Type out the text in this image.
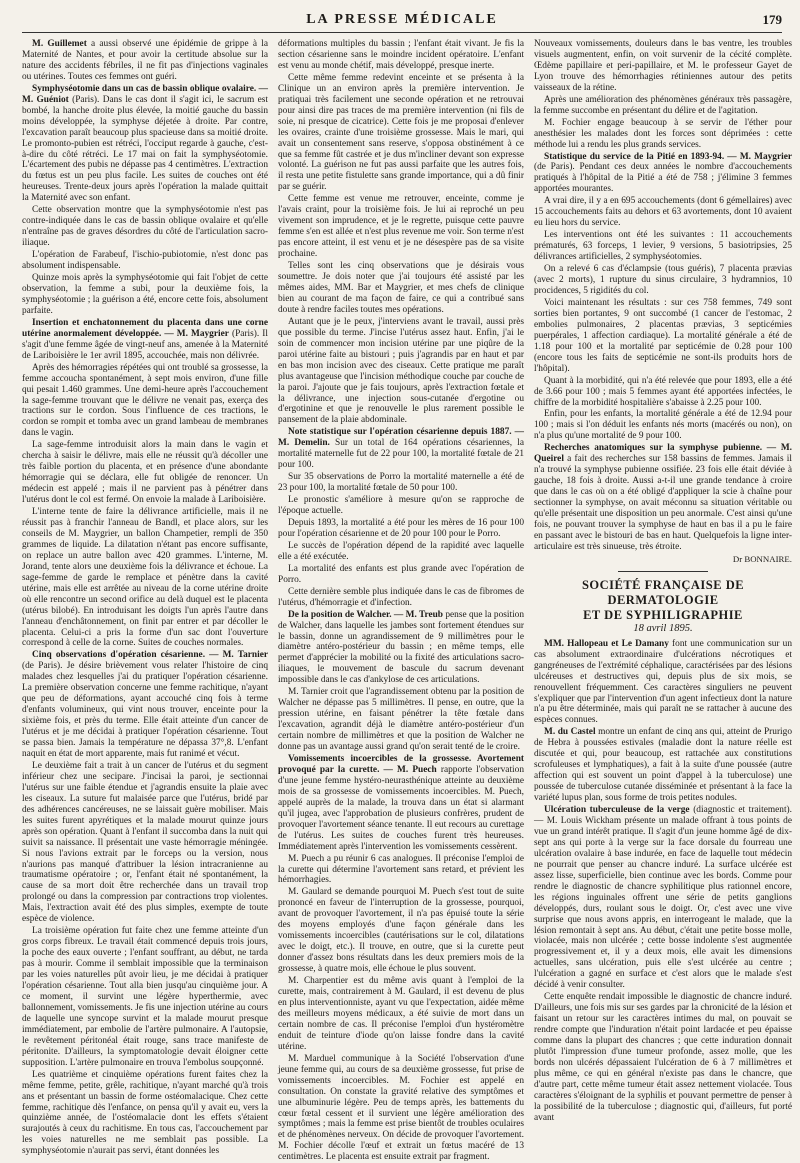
LA PRESSE MÉDICALE	179

M. Guillemet a aussi observé une épidémie de grippe à la Maternité de Nantes, et pour avoir la certitude absolue sur la nature des accidents fébriles, il ne fit pas d'injections vaginales ou utérines. Toutes ces femmes ont guéri.

Symphyséotomie dans un cas de bassin oblique ovalaire. — M. Guéniot (Paris). Dans le cas dont il s'agit ici, le sacrum est bombé, la hanche droite plus élevée, la moitié gauche du bassin moins développée, la symphyse déjetée à droite. Par contre, l'excavation paraît beaucoup plus spacieuse dans sa moitié droite. Le promonto-pubien est rétréci, l'occiput regarde à gauche, c'est-à-dire du côté rétréci. Le 17 mai on fait la symphyséotomie. L'écartement des pubis ne dépasse pas 4 centimètres. L'extraction du fœtus est un peu plus facile. Les suites de couches ont été heureuses. Trente-deux jours après l'opération la malade quittait la Maternité avec son enfant.

Cette observation montre que la symphyséotomie n'est pas contre-indiquée dans le cas de bassin oblique ovalaire et qu'elle n'entraîne pas de graves désordres du côté de l'articulation sacro-iliaque.

L'opération de Farabeuf, l'ischio-pubiotomie, n'est donc pas absolument indispensable.

Quinze mois après la symphyséotomie qui fait l'objet de cette observation, la femme a subi, pour la deuxième fois, la symphyséotomie ; la guérison a été, encore cette fois, absolument parfaite.

Insertion et enchatonnement du placenta dans une corne utérine anormalement développée. — M. Maygrier (Paris). Il s'agit d'une femme âgée de vingt-neuf ans, amenée à la Maternité de Lariboisière le 1er avril 1895, accouchée, mais non délivrée.

Après des hémorragies répétées qui ont troublé sa grossesse, la femme accoucha spontanément, à sept mois environ, d'une fille qui pesait 1.460 grammes. Une demi-heure après l'accouchement la sage-femme trouvant que le délivre ne venait pas, exerça des tractions sur le cordon. Sous l'influence de ces tractions, le cordon se rompit et tomba avec un grand lambeau de membranes dans le vagin.

La sage-femme introduisit alors la main dans le vagin et chercha à saisir le délivre, mais elle ne réussit qu'à décoller une très faible portion du placenta, et en présence d'une abondante hémorragie qui se déclara, elle fut obligée de renoncer. Un médecin est appelé ; mais il ne parvient pas à pénétrer dans l'utérus dont le col est fermé. On envoie la malade à Lariboisière.

L'interne tente de faire la délivrance artificielle, mais il ne réussit pas à franchir l'anneau de Bandl, et place alors, sur les conseils de M. Maygrier, un ballon Champetier, rempli de 350 grammes de liquide. La dilatation n'étant pas encore suffisante, on replace un autre ballon avec 420 grammes. L'interne, M. Jorand, tente alors une deuxième fois la délivrance et échoue. La sage-femme de garde le remplace et pénètre dans la cavité utérine, mais elle est arrêtée au niveau de la corne utérine droite où elle rencontre un second orifice au delà duquel est le placenta (utérus bilobé). En introduisant les doigts l'un après l'autre dans l'anneau d'enchâtonnement, on finit par entrer et par décoller le placenta. Celui-ci a pris la forme d'un sac dont l'ouverture correspond à celle de la corne. Suites de couches normales.

Cinq observations d'opération césarienne. — M. Tarnier (de Paris). Je désire brièvement vous relater l'histoire de cinq malades chez lesquelles j'ai du pratiquer l'opération césarienne. La première observation concerne une femme rachitique, n'ayant que peu de déformations, ayant accouché cinq fois à terme d'enfants volumineux, qui vint nous trouver, enceinte pour la sixième fois, et près du terme. Elle était atteinte d'un cancer de l'utérus et je me décidai à pratiquer l'opération césarienne. Tout se passa bien. Jamais la température ne dépassa 37°,8. L'enfant naquit en état de mort apparente, mais fut ranimé et vécut.

Le deuxième fait a trait à un cancer de l'utérus et du segment inférieur chez une secipare. J'incisai la paroi, je sectionnai l'utérus sur une faible étendue et j'agrandis ensuite la plaie avec les ciseaux. La suture fut malaisée parce que l'utérus, bridé par des adhérences cancéreuses, ne se laissait guère mobiliser. Mais les suites furent apyrétiques et la malade mourut quinze jours après son opération. Quant à l'enfant il succomba dans la nuit qui suivit sa naissance. Il présentait une vaste hémorragie méningée. Si nous l'avions extrait par le forceps ou la version, nous n'aurions pas manqué d'attribuer la lésion intracranienne au traumatisme opératoire ; or, l'enfant était né spontanément, la cause de sa mort doit être recherchée dans un travail trop prolongé ou dans la compression par contractions trop violentes. Mais, l'extraction avait été des plus simples, exempte de toute espèce de violence.

La troisième opération fut faite chez une femme atteinte d'un gros corps fibreux. Le travail était commencé depuis trois jours, la poche des eaux ouverte ; l'enfant souffrant, au début, ne tarda pas à mourir. Comme il semblait impossible que la terminaison par les voies naturelles pût avoir lieu, je me décidai à pratiquer l'opération césarienne. Tout alla bien jusqu'au cinquième jour. A ce moment, il survint une légère hyperthermie, avec ballonnement, vomissements. Je fis une injection utérine au cours de laquelle une syncope survint et la malade mourut presque immédiatement, par embolie de l'artère pulmonaire. A l'autopsie, le revêtement péritonéal était rouge, sans trace manifeste de péritonite. D'ailleurs, la symptomatologie devait éloigner cette supposition. L'artère pulmonaire en trouva l'embolus soupçonné.

Les quatrième et cinquième opérations furent faites chez la même femme, petite, grêle, rachitique, n'ayant marché qu'à trois ans et présentant un bassin de forme ostéomalacique. Chez cette femme, rachitique dès l'enfance, on pensa qu'il y avait eu, vers la quinzième année, de l'ostéomalacie dont les effets s'étaient surajoutés à ceux du rachitisme. En tous cas, l'accouchement par les voies naturelles ne me semblait pas possible. La symphyséotomie n'aurait pas servi, étant données les

déformations multiples du bassin ; l'enfant était vivant. Je fis la section césarienne sans le moindre incident opératoire. L'enfant est venu au monde chétif, mais développé, presque inerte.

Cette même femme redevint enceinte et se présenta à la Clinique un an environ après la première intervention. Je pratiquai très facilement une seconde opération et ne retrouvai pour ainsi dire pas traces de ma première intervention (ni fils de soie, ni presque de cicatrice). Cette fois je me proposai d'enlever les ovaires, crainte d'une troisième grossesse. Mais le mari, qui avait un consentement sans reserve, s'opposa obstinément à ce que sa femme fût castrée et je dus m'incliner devant son expresse volonté. La guérison ne fut pas aussi parfaite que les autres fois, il resta une petite fistulette sans grande importance, qui a dû finir par se guérir.

Cette femme est venue me retrouver, enceinte, comme je l'avais craint, pour la troisième fois. Je lui ai reproché un peu vivement son imprudence, et je le regrette, puisque cette pauvre femme s'en est allée et n'est plus revenue me voir. Son terme n'est pas encore atteint, il est venu et je ne désespère pas de sa visite prochaine.

Telles sont les cinq observations que je désirais vous soumettre. Je dois noter que j'ai toujours été assisté par les mêmes aides, MM. Bar et Maygrier, et mes chefs de clinique bien au courant de ma façon de faire, ce qui a contribué sans doute à rendre faciles toutes mes opérations.

Autant que je le peux, j'interviens avant le travail, aussi près que possible du terme. J'incise l'utérus assez haut. Enfin, j'ai le soin de commencer mon incision utérine par une piqûre de la paroi utérine faite au bistouri ; puis j'agrandis par en haut et par en bas mon incision avec des ciseaux. Cette pratique me paraît plus avantageuse que l'incision méthodique couche par couche de la paroi. J'ajoute que je fais toujours, après l'extraction fœtale et la délivrance, une injection sous-cutanée d'ergotine ou d'ergotinine et que je renouvelle le plus rarement possible le pansement de la plaie abdominale.

Note statistique sur l'opération césarienne depuis 1887. — M. Demelin. Sur un total de 164 opérations césariennes, la mortalité maternelle fut de 22 pour 100, la mortalité fœtale de 21 pour 100.

Sur 35 observations de Porro la mortalité maternelle a été de 23 pour 100, la mortalité fœtale de 50 pour 100.

Le pronostic s'améliore à mesure qu'on se rapproche de l'époque actuelle.

Depuis 1893, la mortalité a été pour les mères de 16 pour 100 pour l'opération césarienne et de 20 pour 100 pour le Porro.

Le succès de l'opération dépend de la rapidité avec laquelle elle a été exécutée.

La mortalité des enfants est plus grande avec l'opération de Porro.

Cette dernière semble plus indiquée dans le cas de fibromes de l'utérus, d'hémorragie et d'infection.

De la position de Walcher. — M. Treub pense que la position de Walcher, dans laquelle les jambes sont fortement étendues sur le bassin, donne un agrandissement de 9 millimètres pour le diamètre antéro-postérieur du bassin ; en même temps, elle permet d'apprécier la mobilité ou la fixité des articulations sacro-iliaques, le mouvement de bascule du sacrum devenant impossible dans le cas d'ankylose de ces articulations.

M. Tarnier croit que l'agrandissement obtenu par la position de Walcher ne dépasse pas 5 millimètres. Il pense, en outre, que la pression utérine, en faisant pénétrer la tête fœtale dans l'excavation, agrandit déjà le diamètre antéro-postérieur d'un certain nombre de millimètres et que la position de Walcher ne donne pas un avantage aussi grand qu'on serait tenté de le croire.

Vomissements incoercibles de la grossesse. Avortement provoqué par la curette. — M. Puech rapporte l'observation d'une jeune femme hystéro-neurasthénique atteinte au deuxième mois de sa grossesse de vomissements incoercibles. M. Puech, appelé auprès de la malade, la trouva dans un état si alarmant qu'il jugea, avec l'approbation de plusieurs confrères, prudent de provoquer l'avortement séance tenante. Il eut recours au curettage de l'utérus. Les suites de couches furent très heureuses. Immédiatement après l'intervention les vomissements cessèrent.

M. Puech a pu réunir 6 cas analogues. Il préconise l'emploi de la curette qui détermine l'avortement sans retard, et prévient les hémorrhagies.

M. Gaulard se demande pourquoi M. Puech s'est tout de suite prononcé en faveur de l'interruption de la grossesse, pourquoi, avant de provoquer l'avortement, il n'a pas épuisé toute la série des moyens employés d'une façon générale dans les vomissements incoercibles (cautérisations sur le col, dilatations avec le doigt, etc.). Il trouve, en outre, que si la curette peut donner d'assez bons résultats dans les deux premiers mois de la grossesse, à quatre mois, elle échoue le plus souvent.

M. Charpentier est du même avis quant à l'emploi de la curette, mais, contrairement à M. Gaulard, il est devenu de plus en plus interventionniste, ayant vu que l'expectation, aidée même des meilleurs moyens médicaux, a été suivie de mort dans un certain nombre de cas. Il préconise l'emploi d'un hystéromètre enduit de teinture d'iode qu'on laisse fondre dans la cavité utérine.

M. Marduel communique à la Société l'observation d'une jeune femme qui, au cours de sa deuxième grossesse, fut prise de vomissements incoercibles. M. Fochier est appelé en consultation. On constate la gravité relative des symptômes et une albuminurie légère. Peu de temps après, les battements du cœur fœtal cessent et il survient une légère amélioration des symptômes ; mais la femme est prise bientôt de troubles oculaires et de phénomènes nerveux. On décide de provoquer l'avortement. M. Fochier décolle l'œuf et extrait un fœtus macéré de 13 centimètres. Le placenta est ensuite extrait par fragment.

Nouveaux vomissements, douleurs dans le bas ventre, les troubles visuels augmentent, enfin, on voit survenir de la cécité complète. Œdème papillaire et peri-papillaire, et M. le professeur Gayet de Lyon trouve des hémorrhagies rétiniennes autour des petits vaisseaux de la rétine.

Après une amélioration des phénomènes généraux très passagère, la femme succombe en présentant du délire et de l'agitation.

M. Fochier engage beaucoup à se servir de l'éther pour anesthésier les malades dont les forces sont déprimées : cette méthode lui a rendu les plus grands services.

Statistique du service de la Pitié en 1893-94. — M. Maygrier (de Paris). Pendant ces deux années le nombre d'accouchements pratiqués à l'hôpital de la Pitié a été de 758 ; j'élimine 3 femmes apportées mourantes.

A vrai dire, il y a en 695 accouchements (dont 6 gémellaires) avec 15 accouchements faits au dehors et 63 avortements, dont 10 avaient eu lieu hors du service.

Les interventions ont été les suivantes : 11 accouchements prématurés, 63 forceps, 1 levier, 9 versions, 5 basiotripsies, 25 délivrances artificielles, 2 symphyséotomies.

On a relevé 6 cas d'éclampsie (tous guéris), 7 placenta prævias (avec 2 morts), 1 rupture du sinus circulaire, 3 hydramnios, 10 procidences, 5 rigidités du col.

Voici maintenant les résultats : sur ces 758 femmes, 749 sont sorties bien portantes, 9 ont succombé (1 cancer de l'estomac, 2 embolies pulmonaires, 2 placentas prævias, 3 septicémies puerpérales, 1 affection cardiaque). La mortalité générale a été de 1.18 pour 100 et la mortalité par septicémie de 0.28 pour 100 (encore tous les faits de septicémie ne sont-ils produits hors de l'hôpital).

Quant à la morbidité, qui n'a été relevée que pour 1893, elle a été de 3.66 pour 100 ; mais 5 femmes ayant été apportées infectées, le chiffre de la morbidité hospitalière s'abaisse à 2.25 pour 100.

Enfin, pour les enfants, la mortalité générale a été de 12.94 pour 100 ; mais si l'on déduit les enfants nés morts (macérés ou non), on n'a plus qu'une mortalité de 9 pour 100.

Recherches anatomiques sur la symphyse pubienne. — M. Queirel a fait des recherches sur 158 bassins de femmes. Jamais il n'a trouvé la symphyse pubienne ossifiée. 23 fois elle était déviée à gauche, 18 fois à droite. Aussi a-t-il une grande tendance à croire que dans le cas où on a été obligé d'appliquer la scie à chaîne pour sectionner la symphyse, on avait méconnu sa situation véritable ou qu'elle présentait une disposition un peu anormale. C'est ainsi qu'une fois, ne pouvant trouver la symphyse de haut en bas il a pu le faire en passant avec le bistouri de bas en haut. Quelquefois la ligne inter-articulaire est très sinueuse, très étroite.

Dr BONNAIRE.
SOCIÉTÉ FRANÇAISE DE DERMATOLOGIE
ET DE SYPHILIGRAPHIE
18 avril 1895.

MM. Hallopeau et Le Damany font une communication sur un cas absolument extraordinaire d'ulcérations nécrotiques et gangréneuses de l'extrémité céphalique, caractérisées par des lésions ulcéreuses et destructives qui, depuis plus de six mois, se renouvellent fréquemment. Ces caractères singuliers ne peuvent s'expliquer que par l'intervention d'un agent infectieux dont la nature n'a pu être déterminée, mais qui paraît ne se rattacher à aucune des espèces connues.

M. du Castel montre un enfant de cinq ans qui, atteint de Prurigo de Hebra à poussées estivales (maladie dont la nature réelle est discutée et qui, pour beaucoup, est rattachée aux constitutions scrofuleuses et lymphatiques), a fait à la suite d'une poussée (autre affection qui est souvent un point d'appel à la tuberculose) une poussée de tuberculose cutanée disséminée et présentant à la face la variété lupus plan, sous forme de trois petites nodules.

Ulcération tuberculeuse de la verge (diagnostic et traitement). — M. Louis Wickham présente un malade offrant à tous points de vue un grand intérêt pratique. Il s'agit d'un jeune homme âgé de dix-sept ans qui porte à la verge sur la face dorsale du fourreau une ulcération ovalaire à base indurée, en face de laquelle tout médecin ne pourrait que penser au chancre induré. La surface ulcérée est assez lisse, superficielle, bien continue avec les bords. Comme pour rendre le diagnostic de chancre syphilitique plus rationnel encore, les régions inguinales offrent une série de petits ganglions développés, durs, roulant sous le doigt. Or, c'est avec une vive surprise que nous avons appris, en interrogeant le malade, que la lésion remontait à sept ans. Au début, c'était une petite bosse molle, violacée, mais non ulcérée ; cette bosse indolente s'est augmentée progressivement et, il y a deux mois, elle avait les dimensions actuelles, sans ulcération, puis elle s'est ulcérée au centre ; l'ulcération a gagné en surface et c'est alors que le malade s'est décidé à venir consulter.

Cette enquête rendait impossible le diagnostic de chancre induré. D'ailleurs, une fois mis sur ses gardes par la chronicité de la lésion et faisant un retour sur les caractères intimes du mal, on pouvait se rendre compte que l'induration n'était point lardacée et peu épaisse comme dans la plupart des chancres ; que cette induration donnait plutôt l'impression d'une tumeur profonde, assez molle, que les bords non ulcérés dépassaient l'ulcération de 6 à 7 millimètres et plus même, ce qui en général n'existe pas dans le chancre, que d'autre part, cette même tumeur était assez nettement violacée. Tous caractères s'éloignant de la syphilis et pouvant permettre de penser à la possibilité de la tuberculose ; diagnostic qui, d'ailleurs, fut porté avant
